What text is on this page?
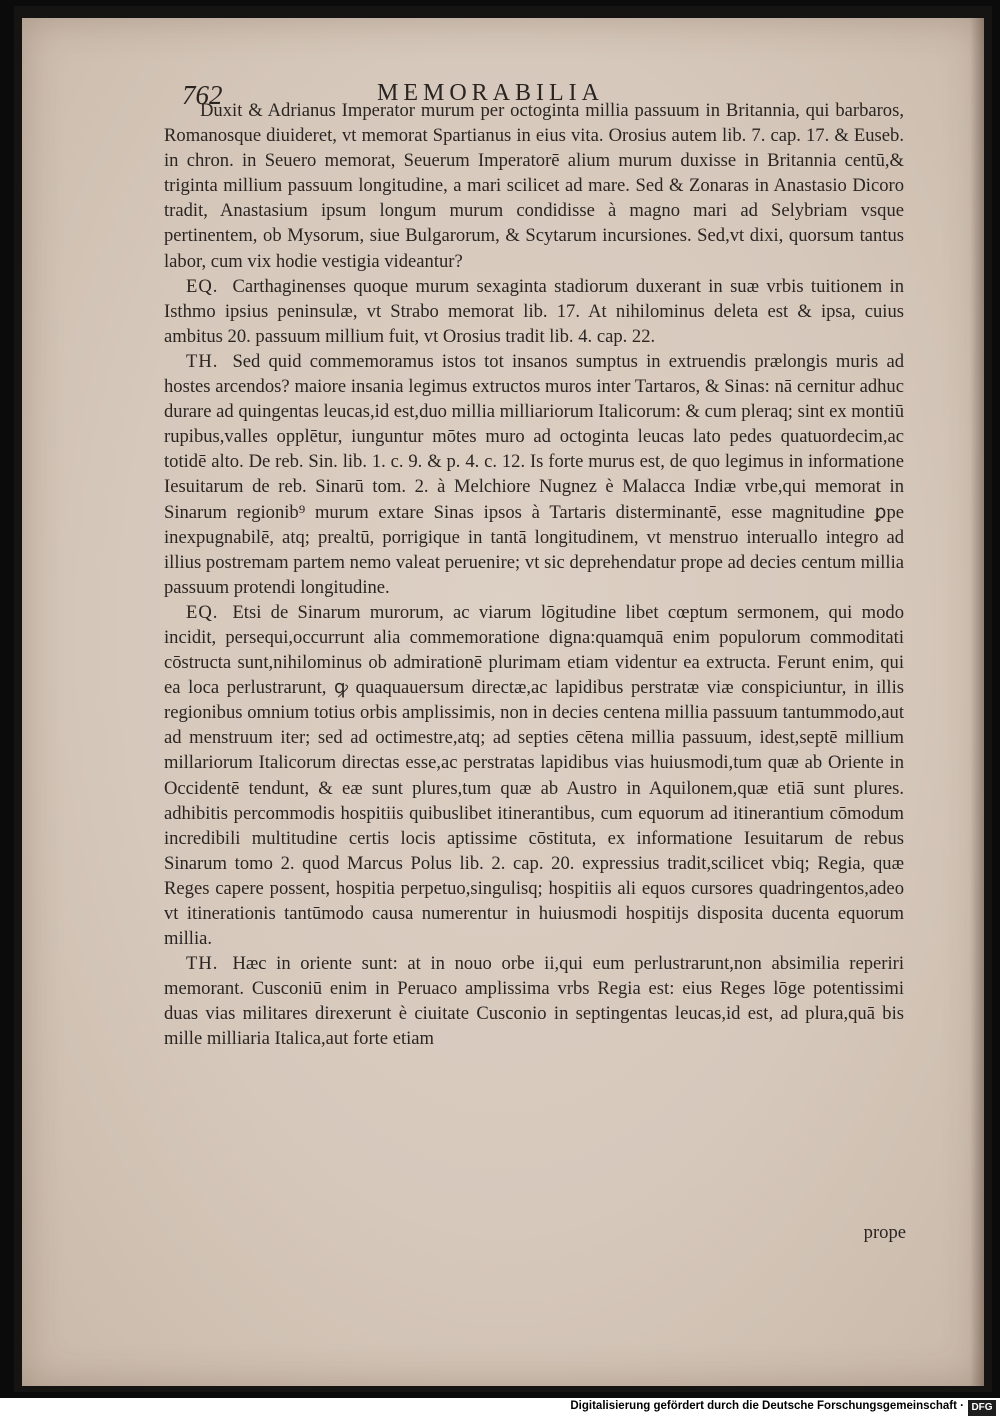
762	MEMORABILIA

Duxit & Adrianus Imperator murum per octoginta millia passuum in Britannia, qui barbaros, Romanosque diuideret, vt memorat Spartianus in eius vita. Orosius autem lib. 7. cap. 17. & Euseb. in chron. in Seuero memorat, Seuerum Imperatorē alium murum duxisse in Britannia centū,& triginta millium passuum longitudine, a mari scilicet ad mare. Sed & Zonaras in Anastasio Dicoro tradit, Anastasium ipsum longum murum condidisse à magno mari ad Selybriam vsque pertinentem, ob Mysorum, siue Bulgarorum, & Scytarum incursiones. Sed,vt dixi, quorsum tantus labor, cum vix hodie vestigia videantur?

EQ. Carthaginenses quoque murum sexaginta stadiorum duxerant in suæ vrbis tuitionem in Isthmo ipsius peninsulæ, vt Strabo memorat lib. 17. At nihilominus deleta est & ipsa, cuius ambitus 20. passuum millium fuit, vt Orosius tradit lib. 4. cap. 22.

TH. Sed quid commemoramus istos tot insanos sumptus in extruendis prælongis muris ad hostes arcendos? maiore insania legimus extructos muros inter Tartaros, & Sinas: nā cernitur adhuc durare ad quingentas leucas,id est,duo millia milliariorum Italicorum: & cum pleraq; sint ex montiū rupibus,valles opplētur, iunguntur mōtes muro ad octoginta leucas lato pedes quatuordecim,ac totidē alto. De reb. Sin. lib. 1. c. 9. & p. 4. c. 12. Is forte murus est, de quo legimus in informatione Iesuitarum de reb. Sinarū tom. 2. à Melchiore Nugnez è Malacca Indiæ vrbe,qui memorat in Sinarum regionib⁹ murum extare Sinas ipsos à Tartaris disterminantē, esse magnitudine ꝑpe inexpugnabilē, atq; prealtū, porrigique in tantā longitudinem, vt menstruo interuallo integro ad illius postremam partem nemo valeat peruenire; vt sic deprehendatur prope ad decies centum millia passuum protendi longitudine.

EQ. Etsi de Sinarum murorum, ac viarum lōgitudine libet cœptum sermonem, qui modo incidit, persequi,occurrunt alia commemoratione digna:quamquā enim populorum commoditati cōstructa sunt,nihilominus ob admirationē plurimam etiam videntur ea extructa. Ferunt enim, qui ea loca perlustrarunt, ꝙ quaquauersum directæ,ac lapidibus perstratæ viæ conspiciuntur, in illis regionibus omnium totius orbis amplissimis, non in decies centena millia passuum tantummodo,aut ad menstruum iter; sed ad octimestre,atq; ad septies cētena millia passuum, idest,septē millium millariorum Italicorum directas esse,ac perstratas lapidibus vias huiusmodi,tum quæ ab Oriente in Occidentē tendunt, & eæ sunt plures,tum quæ ab Austro in Aquilonem,quæ etiā sunt plures. adhibitis percommodis hospitiis quibuslibet itinerantibus, cum equorum ad itinerantium cōmodum incredibili multitudine certis locis aptissime cōstituta, ex informatione Iesuitarum de rebus Sinarum tomo 2. quod Marcus Polus lib. 2. cap. 20. expressius tradit,scilicet vbiq; Regia, quæ Reges capere possent, hospitia perpetuo,singulisq; hospitiis ali equos cursores quadringentos,adeo vt itinerationis tantūmodo causa numerentur in huiusmodi hospitijs disposita ducenta equorum millia.

TH. Hæc in oriente sunt: at in nouo orbe ii,qui eum perlustrarunt,non absimilia reperiri memorant. Cusconiū enim in Peruaco amplissima vrbs Regia est: eius Reges lōge potentissimi duas vias militares direxerunt è ciuitate Cusconio in septingentas leucas,id est, ad plura,quā bis mille milliaria Italica,aut forte etiam

prope
Digitalisierung gefördert durch die Deutsche Forschungsgemeinschaft · DFG
